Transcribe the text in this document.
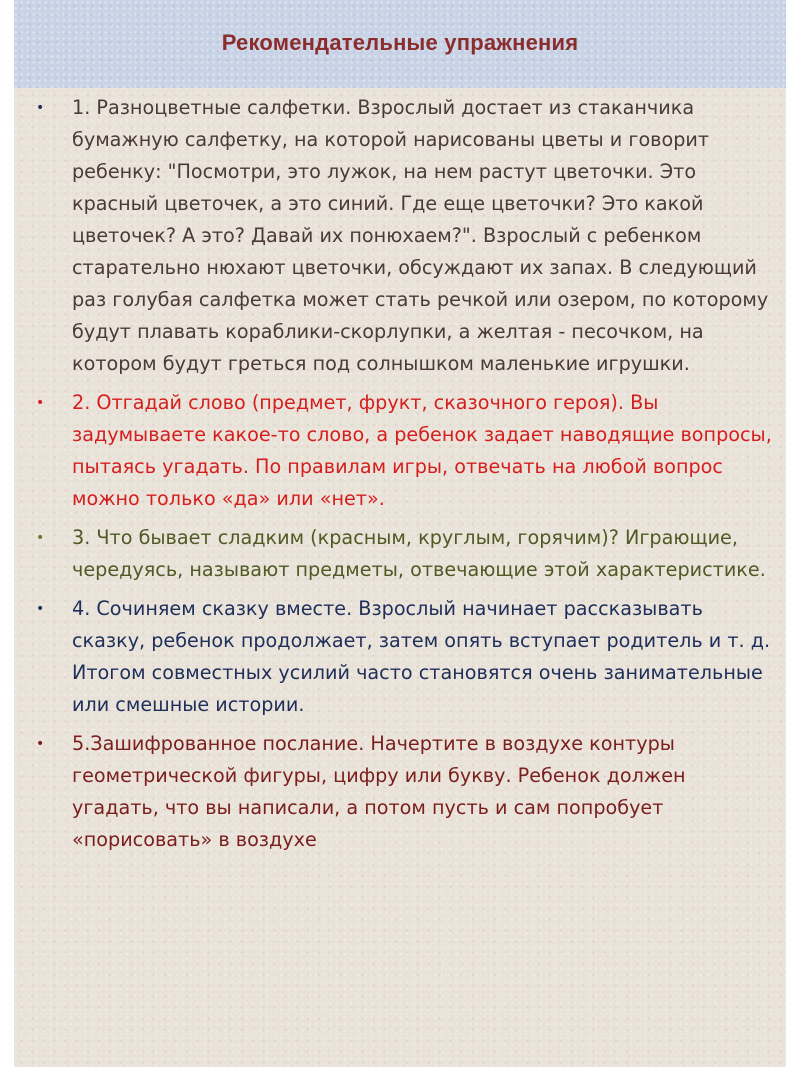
Рекомендательные упражнения
•	1. Разноцветные салфетки. Взрослый достает из стаканчика бумажную салфетку, на которой нарисованы цветы и говорит ребенку: "Посмотри, это лужок, на нем растут цветочки. Это красный цветочек, а это синий. Где еще цветочки? Это какой цветочек? А это? Давай их понюхаем?". Взрослый с ребенком старательно нюхают цветочки, обсуждают их запах. В следующий раз голубая салфетка может стать речкой или озером, по которому будут плавать кораблики-скорлупки, а желтая - песочком, на котором будут греться под солнышком маленькие игрушки.
•	2. Отгадай слово (предмет, фрукт, сказочного героя). Вы задумываете какое-то слово, а ребенок задает наводящие вопросы, пытаясь угадать. По правилам игры, отвечать на любой вопрос можно только «да» или «нет».
•	3. Что бывает сладким (красным, круглым, горячим)? Играющие, чередуясь, называют предметы, отвечающие этой характеристике.
•	4. Сочиняем сказку вместе. Взрослый начинает рассказывать сказку, ребенок продолжает, затем опять вступает родитель и т. д. Итогом совместных усилий часто становятся очень занимательные или смешные истории.
•	5.Зашифрованное послание. Начертите в воздухе контуры геометрической фигуры, цифру или букву. Ребенок должен угадать, что вы написали, а потом пусть и сам попробует «порисовать» в воздухе
